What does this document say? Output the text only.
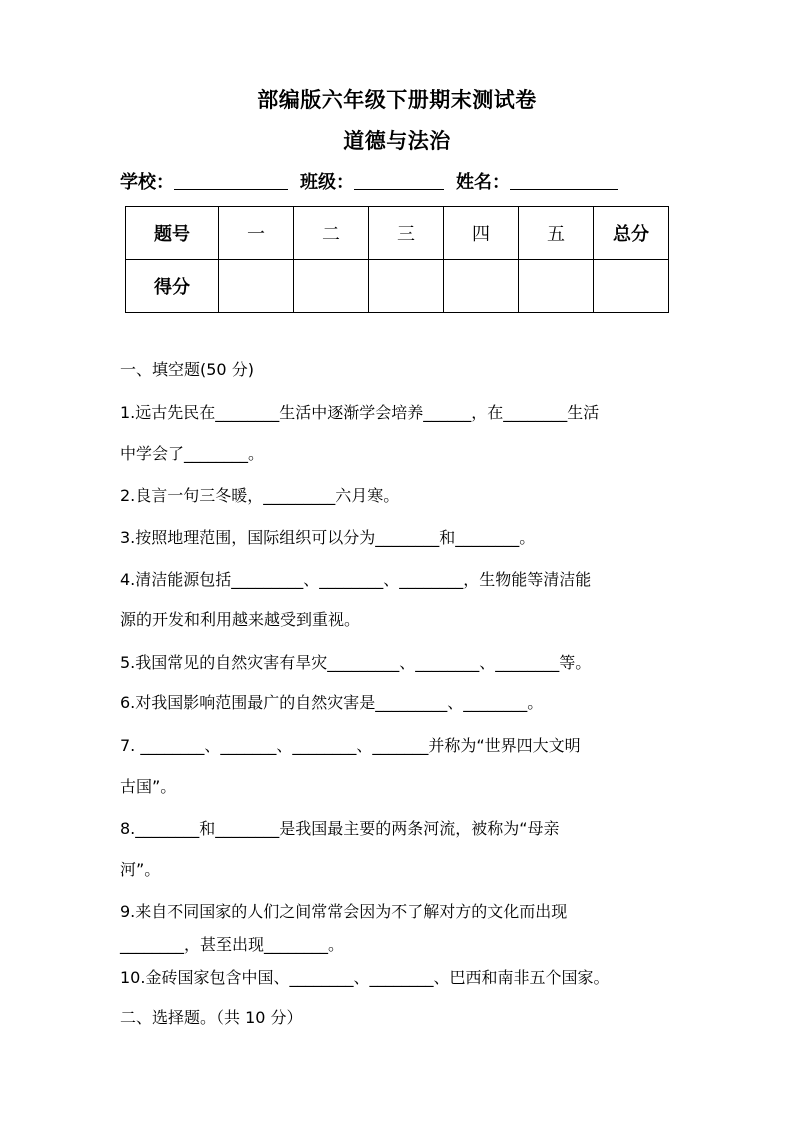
部编版六年级下册期末测试卷
道德与法治
学校：	班级：	姓名：
题号	一	二	三	四	五	总分
得分						
一、填空题(50 分)
1.远古先民在________生活中逐渐学会培养______，在________生活
中学会了________。
2.良言一句三冬暖，_________六月寒。
3.按照地理范围，国际组织可以分为________和________。
4.清洁能源包括_________、________、________，生物能等清洁能
源的开发和利用越来越受到重视。
5.我国常见的自然灾害有旱灾_________、________、________等。
6.对我国影响范围最广的自然灾害是_________、________。
7. ________、_______、________、_______并称为“世界四大文明
古国”。
8.________和________是我国最主要的两条河流，被称为“母亲
河”。
9.来自不同国家的人们之间常常会因为不了解对方的文化而出现
________，甚至出现________。
10.金砖国家包含中国、________、________、巴西和南非五个国家。
二、选择题。（共 10 分）
